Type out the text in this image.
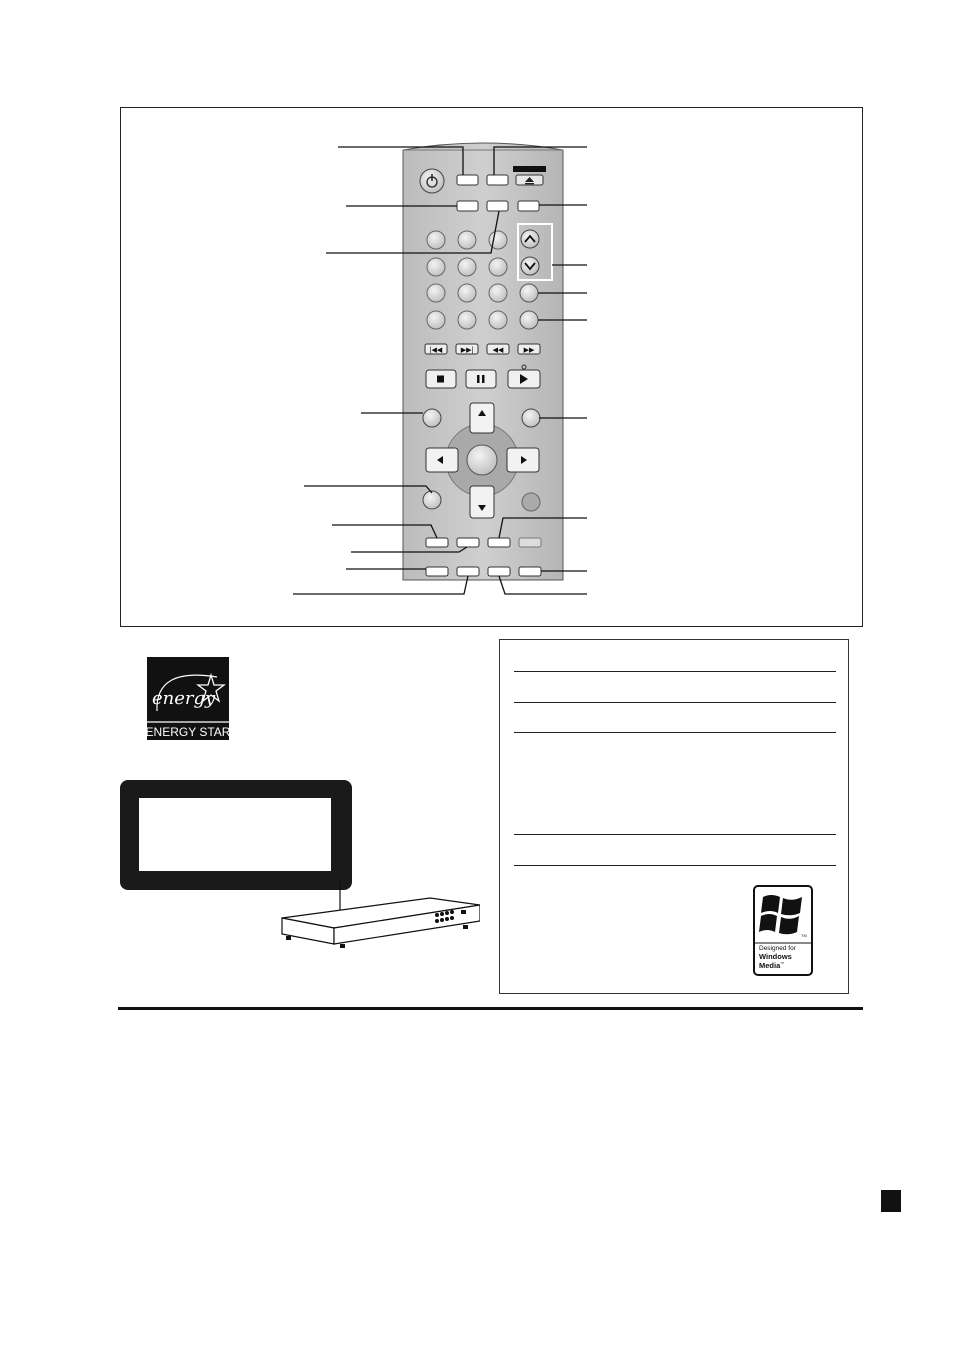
|◀◀	▶▶|	◀◀	▶▶
energy
ENERGY STAR
TM
Designed for
Windows
Media™
